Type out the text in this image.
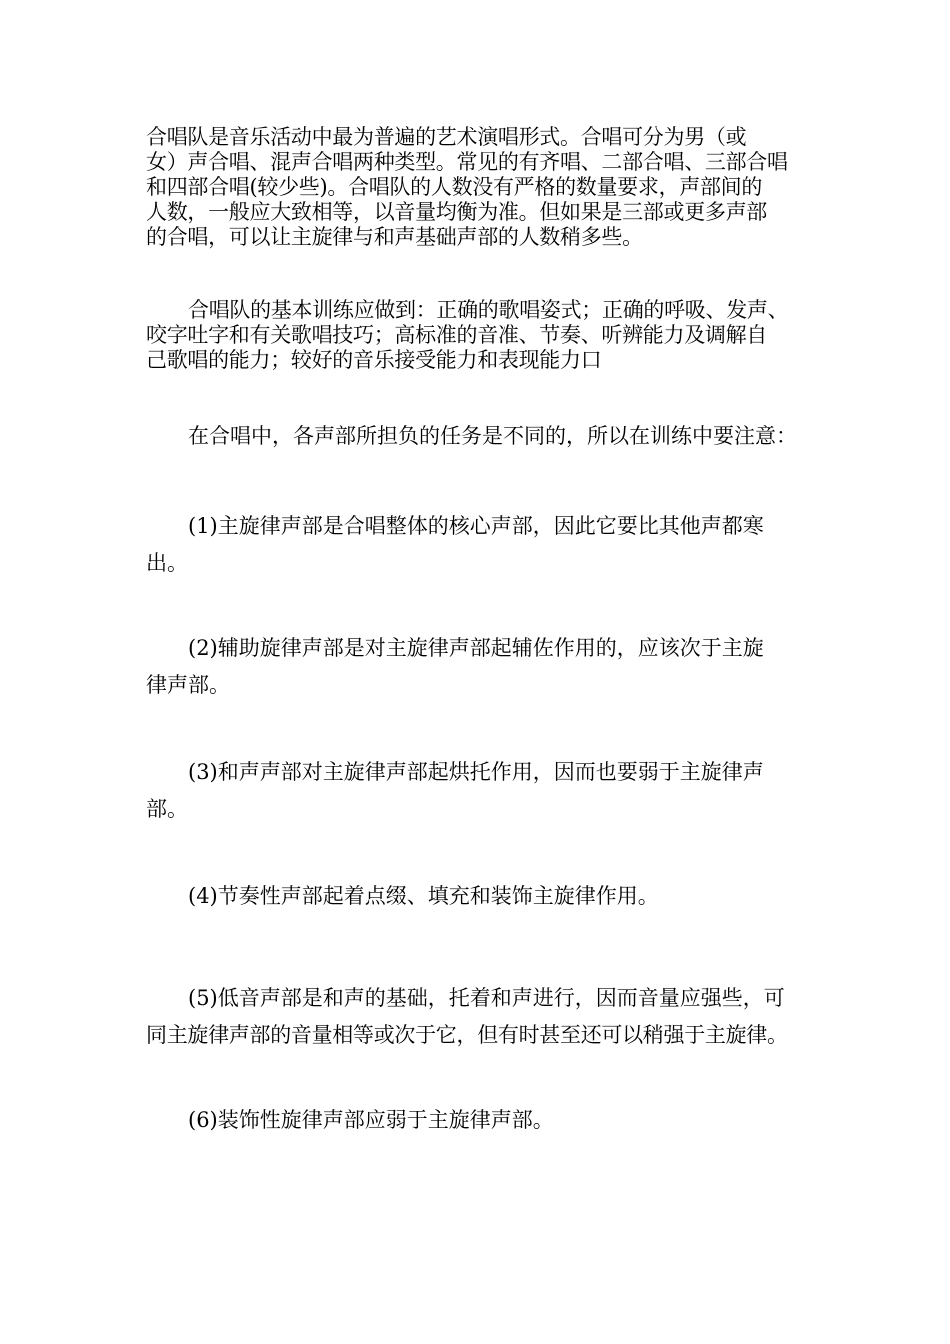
合唱队是音乐活动中最为普遍的艺术演唱形式。合唱可分为男（或
女）声合唱、混声合唱两种类型。常见的有齐唱、二部合唱、三部合唱
和四部合唱(较少些)。合唱队的人数没有严格的数量要求，声部间的
人数，一般应大致相等，以音量均衡为准。但如果是三部或更多声部
的合唱，可以让主旋律与和声基础声部的人数稍多些。
合唱队的基本训练应做到：正确的歌唱姿式；正确的呼吸、发声、
咬字吐字和有关歌唱技巧；高标准的音准、节奏、听辨能力及调解自
己歌唱的能力；较好的音乐接受能力和表现能力口
在合唱中，各声部所担负的任务是不同的，所以在训练中要注意：
(1)主旋律声部是合唱整体的核心声部，因此它要比其他声都寒
出。
(2)辅助旋律声部是对主旋律声部起辅佐作用的，应该次于主旋
律声部。
(3)和声声部对主旋律声部起烘托作用，因而也要弱于主旋律声
部。
(4)节奏性声部起着点缀、填充和装饰主旋律作用。
(5)低音声部是和声的基础，托着和声进行，因而音量应强些，可
同主旋律声部的音量相等或次于它，但有时甚至还可以稍强于主旋律。
(6)装饰性旋律声部应弱于主旋律声部。
